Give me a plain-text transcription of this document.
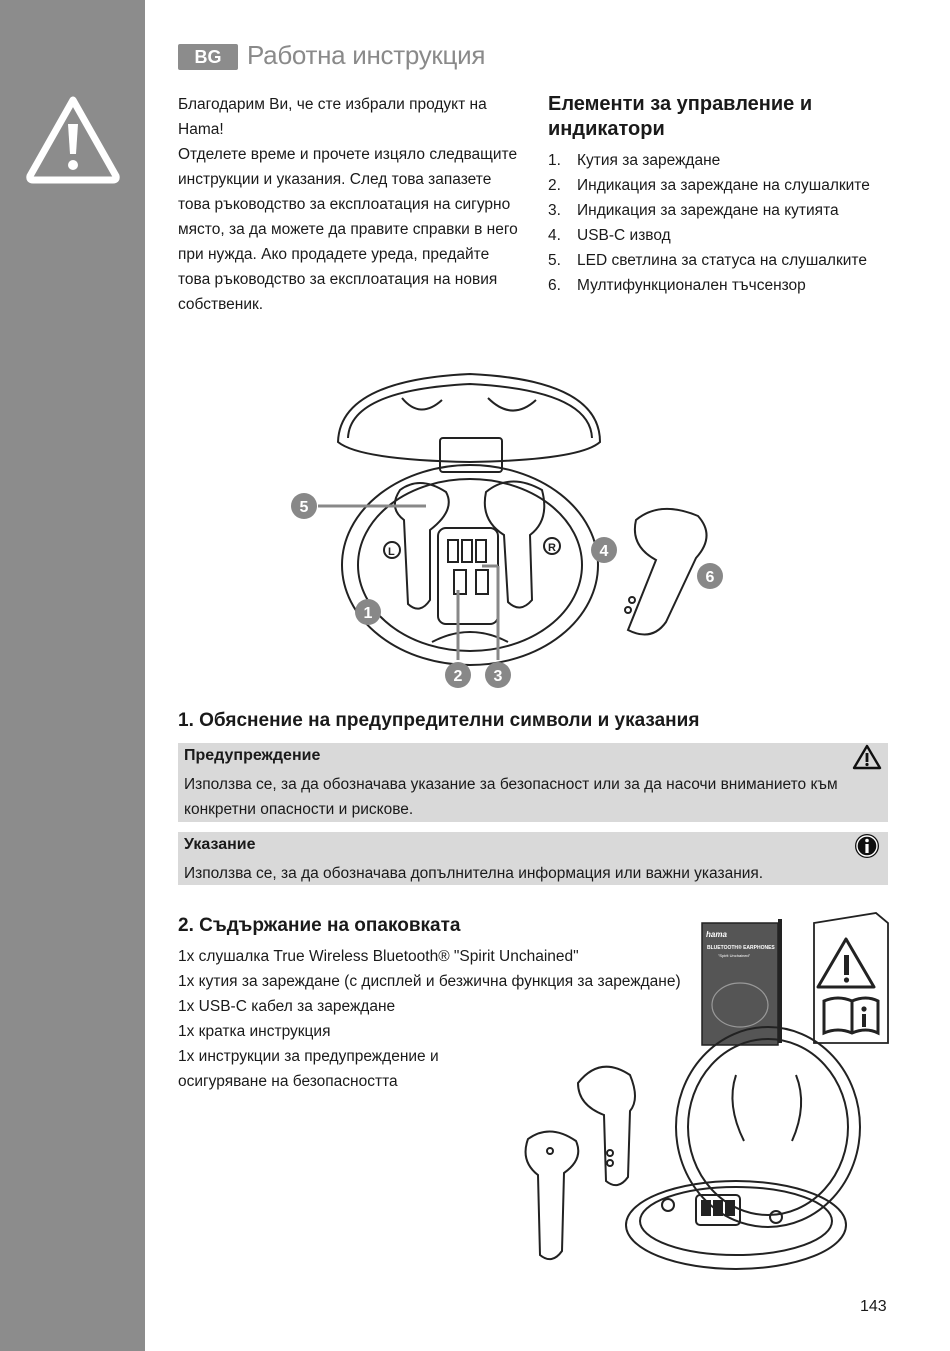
BG Работна инструкция

Благодарим Ви, че сте избрали продукт на Hama!

Отделете време и прочете изцяло следващите инструкции и указания. След това запазете това ръководство за експлоатация на сигурно място, за да можете да правите справки в него при нужда. Ако продадете уреда, предайте това ръководство за експлоатация на новия собственик.

Елементи за управление и индикатори
1.	Кутия за зареждане
2.	Индикация за зареждане на слушалките
3.	Индикация за зареждане на кутията
4.	USB-C извод
5.	LED светлина за статуса на слушалките
6.	Мултифункционален тъчсензор
L	R
1
2 3
4
5
6
1. Обяснение на предупредителни символи и указания
Предупреждение
Използва се, за да обозначава указание за безопасност или за да насочи вниманието към конкретни опасности и рискове.
Указание
Използва се, за да обозначава допълнителна информация или важни указания.
2. Съдържание на опаковката
1x слушалка True Wireless Bluetooth® "Spirit Unchained"
1x кутия за зареждане (с дисплей и безжична функция за зареждане)
1x USB-C кабел за зареждане
1x кратка инструкция
1x инструкции за предупреждение и
осигуряване на безопасността
hama
BLUETOOTH® EARPHONES
"Spirit Unchained"
143
